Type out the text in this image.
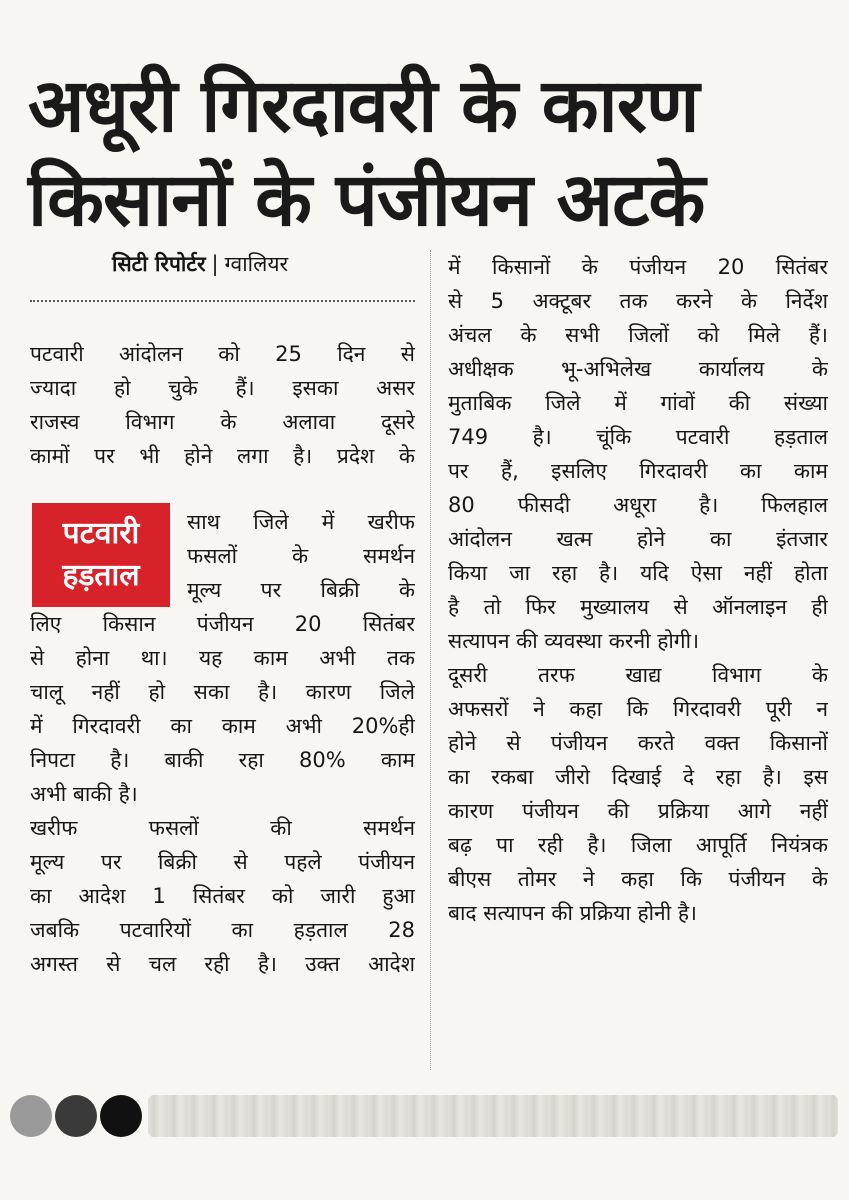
अधूरी गिरदावरी के कारण
किसानों के पंजीयन अटके
सिटी रिपोर्टर | ग्वालियर
पटवारी
हड़ताल
पटवारी आंदोलन को 25 दिन से
ज्यादा हो चुके हैं। इसका असर
राजस्व विभाग के अलावा दूसरे
कामों पर भी होने लगा है। प्रदेश के
साथ जिले में खरीफ
फसलों के समर्थन
मूल्य पर बिक्री के
लिए किसान पंजीयन 20 सितंबर
से होना था। यह काम अभी तक
चालू नहीं हो सका है। कारण जिले
में गिरदावरी का काम अभी 20%ही
निपटा है। बाकी रहा 80% काम
अभी बाकी है।
खरीफ फसलों की समर्थन
मूल्य पर बिक्री से पहले पंजीयन
का आदेश 1 सितंबर को जारी हुआ
जबकि पटवारियों का हड़ताल 28
अगस्त से चल रही है। उक्त आदेश
में किसानों के पंजीयन 20 सितंबर
से 5 अक्टूबर तक करने के निर्देश
अंचल के सभी जिलों को मिले हैं।
अधीक्षक भू-अभिलेख कार्यालय के
मुताबिक जिले में गांवों की संख्या
749 है। चूंकि पटवारी हड़ताल
पर हैं, इसलिए गिरदावरी का काम
80 फीसदी अधूरा है। फिलहाल
आंदोलन खत्म होने का इंतजार
किया जा रहा है। यदि ऐसा नहीं होता
है तो फिर मुख्यालय से ऑनलाइन ही
सत्यापन की व्यवस्था करनी होगी।
दूसरी तरफ खाद्य विभाग के
अफसरों ने कहा कि गिरदावरी पूरी न
होने से पंजीयन करते वक्त किसानों
का रकबा जीरो दिखाई दे रहा है। इस
कारण पंजीयन की प्रक्रिया आगे नहीं
बढ़ पा रही है। जिला आपूर्ति नियंत्रक
बीएस तोमर ने कहा कि पंजीयन के
बाद सत्यापन की प्रक्रिया होनी है।
